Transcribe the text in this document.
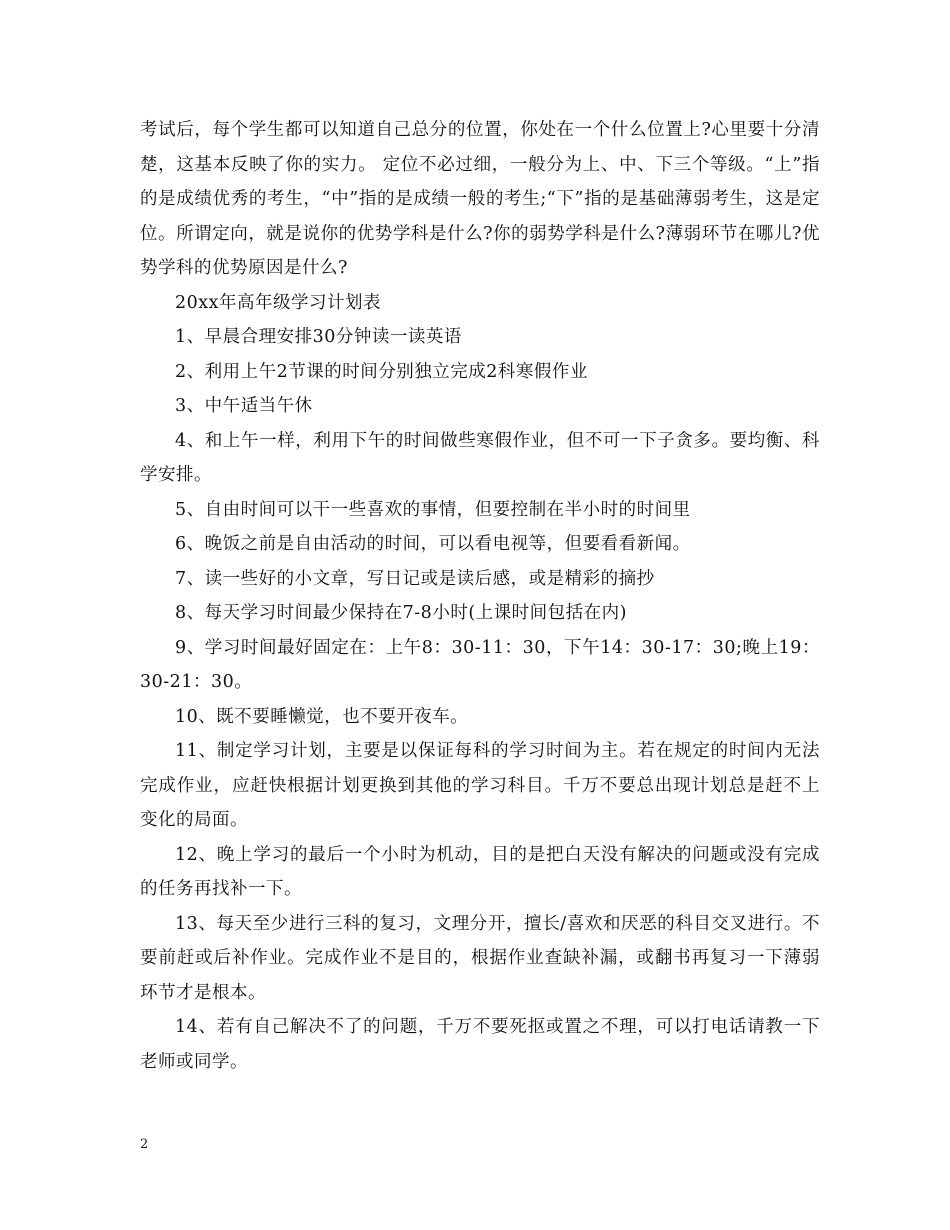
考试后，每个学生都可以知道自己总分的位置，你处在一个什么位置上?心里要十分清楚，这基本反映了你的实力。 定位不必过细，一般分为上、中、下三个等级。“上”指的是成绩优秀的考生，“中”指的是成绩一般的考生;“下”指的是基础薄弱考生，这是定位。所谓定向，就是说你的优势学科是什么?你的弱势学科是什么?薄弱环节在哪儿?优势学科的优势原因是什么?

20xx年高年级学习计划表

1、早晨合理安排30分钟读一读英语

2、利用上午2节课的时间分别独立完成2科寒假作业

3、中午适当午休

4、和上午一样，利用下午的时间做些寒假作业，但不可一下子贪多。要均衡、科学安排。

5、自由时间可以干一些喜欢的事情，但要控制在半小时的时间里

6、晚饭之前是自由活动的时间，可以看电视等，但要看看新闻。

7、读一些好的小文章，写日记或是读后感，或是精彩的摘抄

8、每天学习时间最少保持在7-8小时(上课时间包括在内)

9、学习时间最好固定在：上午8：30-11：30，下午14：30-17：30;晚上19：30-21：30。

10、既不要睡懒觉，也不要开夜车。

11、制定学习计划，主要是以保证每科的学习时间为主。若在规定的时间内无法完成作业，应赶快根据计划更换到其他的学习科目。千万不要总出现计划总是赶不上变化的局面。

12、晚上学习的最后一个小时为机动，目的是把白天没有解决的问题或没有完成的任务再找补一下。

13、每天至少进行三科的复习，文理分开，擅长/喜欢和厌恶的科目交叉进行。不要前赶或后补作业。完成作业不是目的，根据作业查缺补漏，或翻书再复习一下薄弱环节才是根本。

14、若有自己解决不了的问题，千万不要死抠或置之不理，可以打电话请教一下老师或同学。

2
